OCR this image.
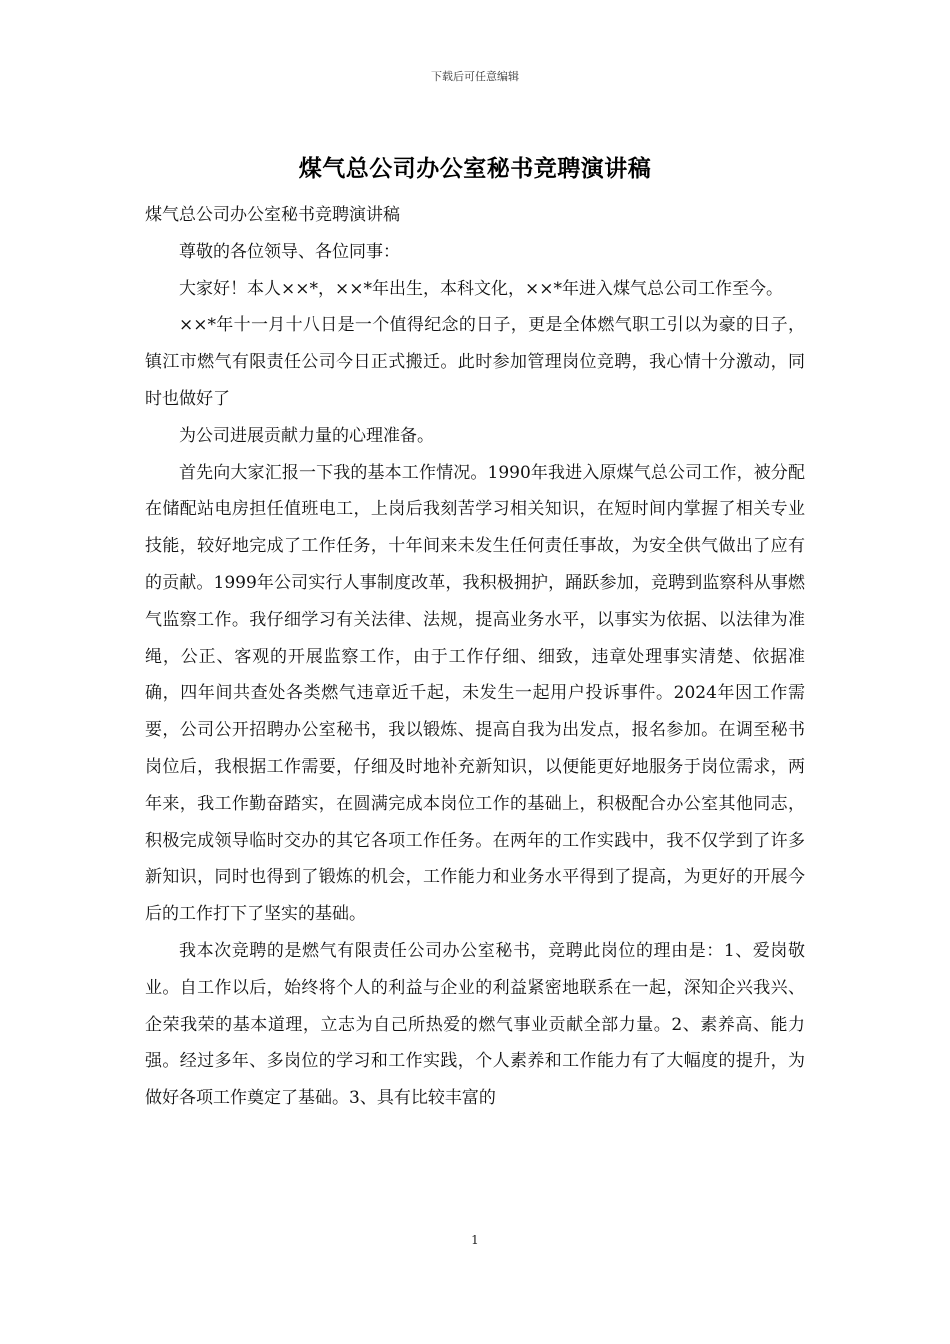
下载后可任意编辑
煤气总公司办公室秘书竞聘演讲稿

煤气总公司办公室秘书竞聘演讲稿

尊敬的各位领导、各位同事：

大家好！本人××*，××*年出生，本科文化，××*年进入煤气总公司工作至今。

××*年十一月十八日是一个值得纪念的日子，更是全体燃气职工引以为豪的日子，镇江市燃气有限责任公司今日正式搬迁。此时参加管理岗位竞聘，我心情十分激动，同时也做好了

为公司进展贡献力量的心理准备。

首先向大家汇报一下我的基本工作情况。1990年我进入原煤气总公司工作，被分配在储配站电房担任值班电工，上岗后我刻苦学习相关知识，在短时间内掌握了相关专业技能，较好地完成了工作任务，十年间来未发生任何责任事故，为安全供气做出了应有的贡献。1999年公司实行人事制度改革，我积极拥护，踊跃参加，竞聘到监察科从事燃气监察工作。我仔细学习有关法律、法规，提高业务水平，以事实为依据、以法律为准绳，公正、客观的开展监察工作，由于工作仔细、细致，违章处理事实清楚、依据准确，四年间共查处各类燃气违章近千起，未发生一起用户投诉事件。2024年因工作需要，公司公开招聘办公室秘书，我以锻炼、提高自我为出发点，报名参加。在调至秘书岗位后，我根据工作需要，仔细及时地补充新知识，以便能更好地服务于岗位需求，两年来，我工作勤奋踏实，在圆满完成本岗位工作的基础上，积极配合办公室其他同志，积极完成领导临时交办的其它各项工作任务。在两年的工作实践中，我不仅学到了许多新知识，同时也得到了锻炼的机会，工作能力和业务水平得到了提高，为更好的开展今后的工作打下了坚实的基础。

我本次竞聘的是燃气有限责任公司办公室秘书，竞聘此岗位的理由是：1、爱岗敬业。自工作以后，始终将个人的利益与企业的利益紧密地联系在一起，深知企兴我兴、企荣我荣的基本道理，立志为自己所热爱的燃气事业贡献全部力量。2、素养高、能力强。经过多年、多岗位的学习和工作实践，个人素养和工作能力有了大幅度的提升，为做好各项工作奠定了基础。3、具有比较丰富的

1
